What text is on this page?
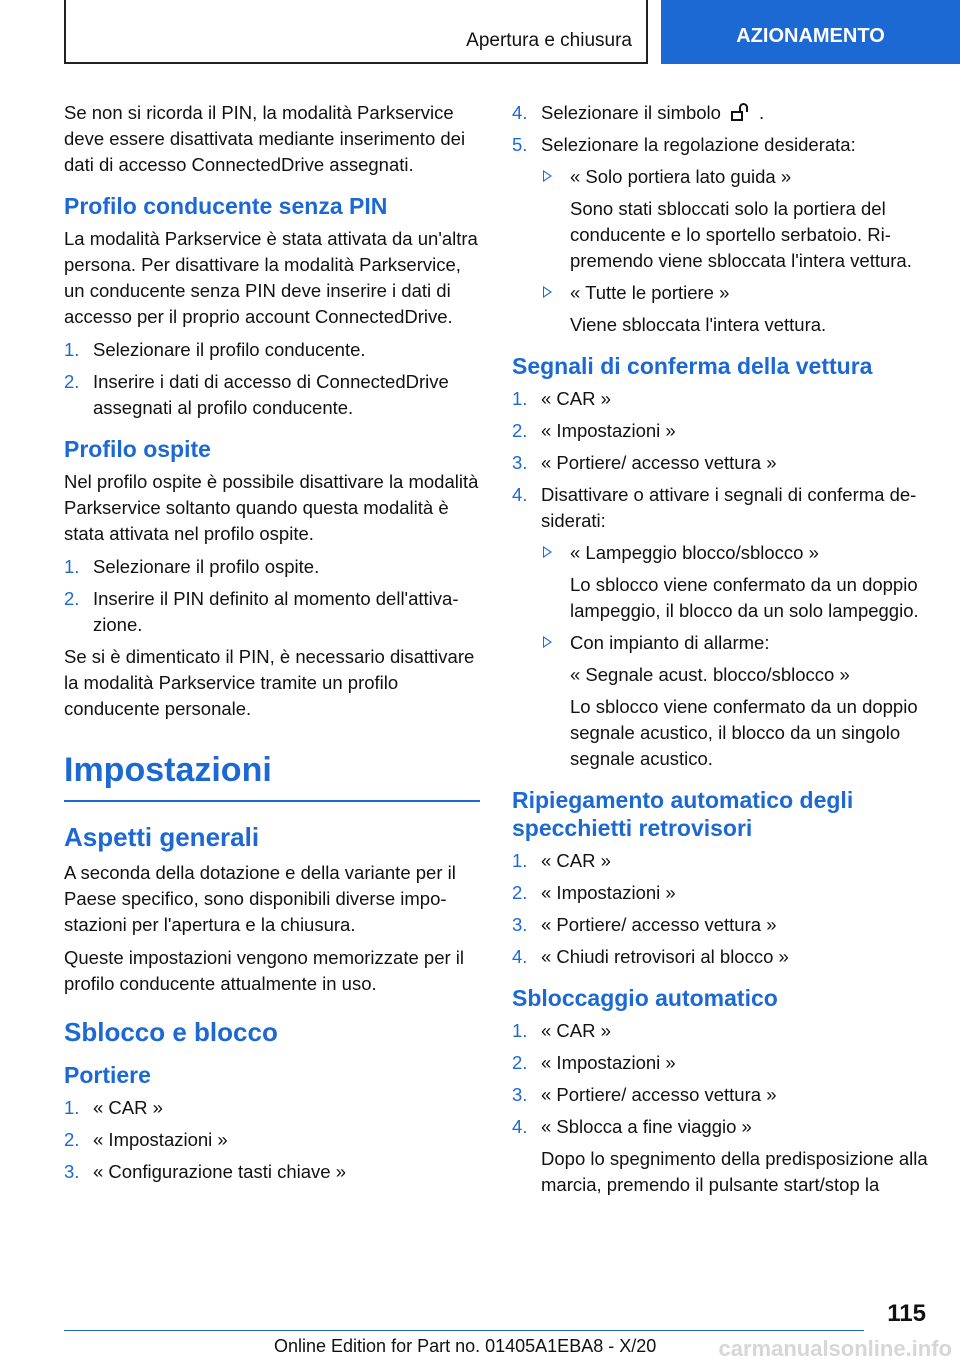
Apertura e chiusura	AZIONAMENTO

Se non si ricorda il PIN, la modalità Parkservice deve essere disattivata mediante inserimento dei dati di accesso ConnectedDrive assegnati.

Profilo conducente senza PIN

La modalità Parkservice è stata attivata da un'altra persona. Per disattivare la modalità Parkservice, un conducente senza PIN deve inserire i dati di accesso per il proprio account ConnectedDrive.

1. Selezionare il profilo conducente.
2. Inserire i dati di accesso di ConnectedDrive assegnati al profilo conducente.
Profilo ospite

Nel profilo ospite è possibile disattivare la modalità Parkservice soltanto quando questa modalità è stata attivata nel profilo ospite.

1. Selezionare il profilo ospite.
2. Inserire il PIN definito al momento dell'attivazione.

Se si è dimenticato il PIN, è necessario disattivare la modalità Parkservice tramite un profilo conducente personale.

Impostazioni
Aspetti generali

A seconda della dotazione e della variante per il Paese specifico, sono disponibili diverse impostazioni per l'apertura e la chiusura.

Queste impostazioni vengono memorizzate per il profilo conducente attualmente in uso.

Sblocco e blocco
Portiere
1. « CAR »
2. « Impostazioni »
3. « Configurazione tasti chiave »
4. Selezionare il simbolo .
5. Selezionare la regolazione desiderata:
« Solo portiera lato guida »
Sono stati sbloccati solo la portiera del conducente e lo sportello serbatoio. Ripremendo viene sbloccata l'intera vettura.
« Tutte le portiere »
Viene sbloccata l'intera vettura.
Segnali di conferma della vettura
1. « CAR »
2. « Impostazioni »
3. « Portiere/ accesso vettura »
4. Disattivare o attivare i segnali di conferma desiderati:
« Lampeggio blocco/sblocco »
Lo sblocco viene confermato da un doppio lampeggio, il blocco da un solo lampeggio.
Con impianto di allarme:
« Segnale acust. blocco/sblocco »
Lo sblocco viene confermato da un doppio segnale acustico, il blocco da un singolo segnale acustico.
Ripiegamento automatico degli specchietti retrovisori
1. « CAR »
2. « Impostazioni »
3. « Portiere/ accesso vettura »
4. « Chiudi retrovisori al blocco »
Sbloccaggio automatico
1. « CAR »
2. « Impostazioni »
3. « Portiere/ accesso vettura »
4. « Sblocca a fine viaggio »
Dopo lo spegnimento della predisposizione alla marcia, premendo il pulsante start/stop la
115
Online Edition for Part no. 01405A1EBA8 - X/20	carmanualsonline.info
